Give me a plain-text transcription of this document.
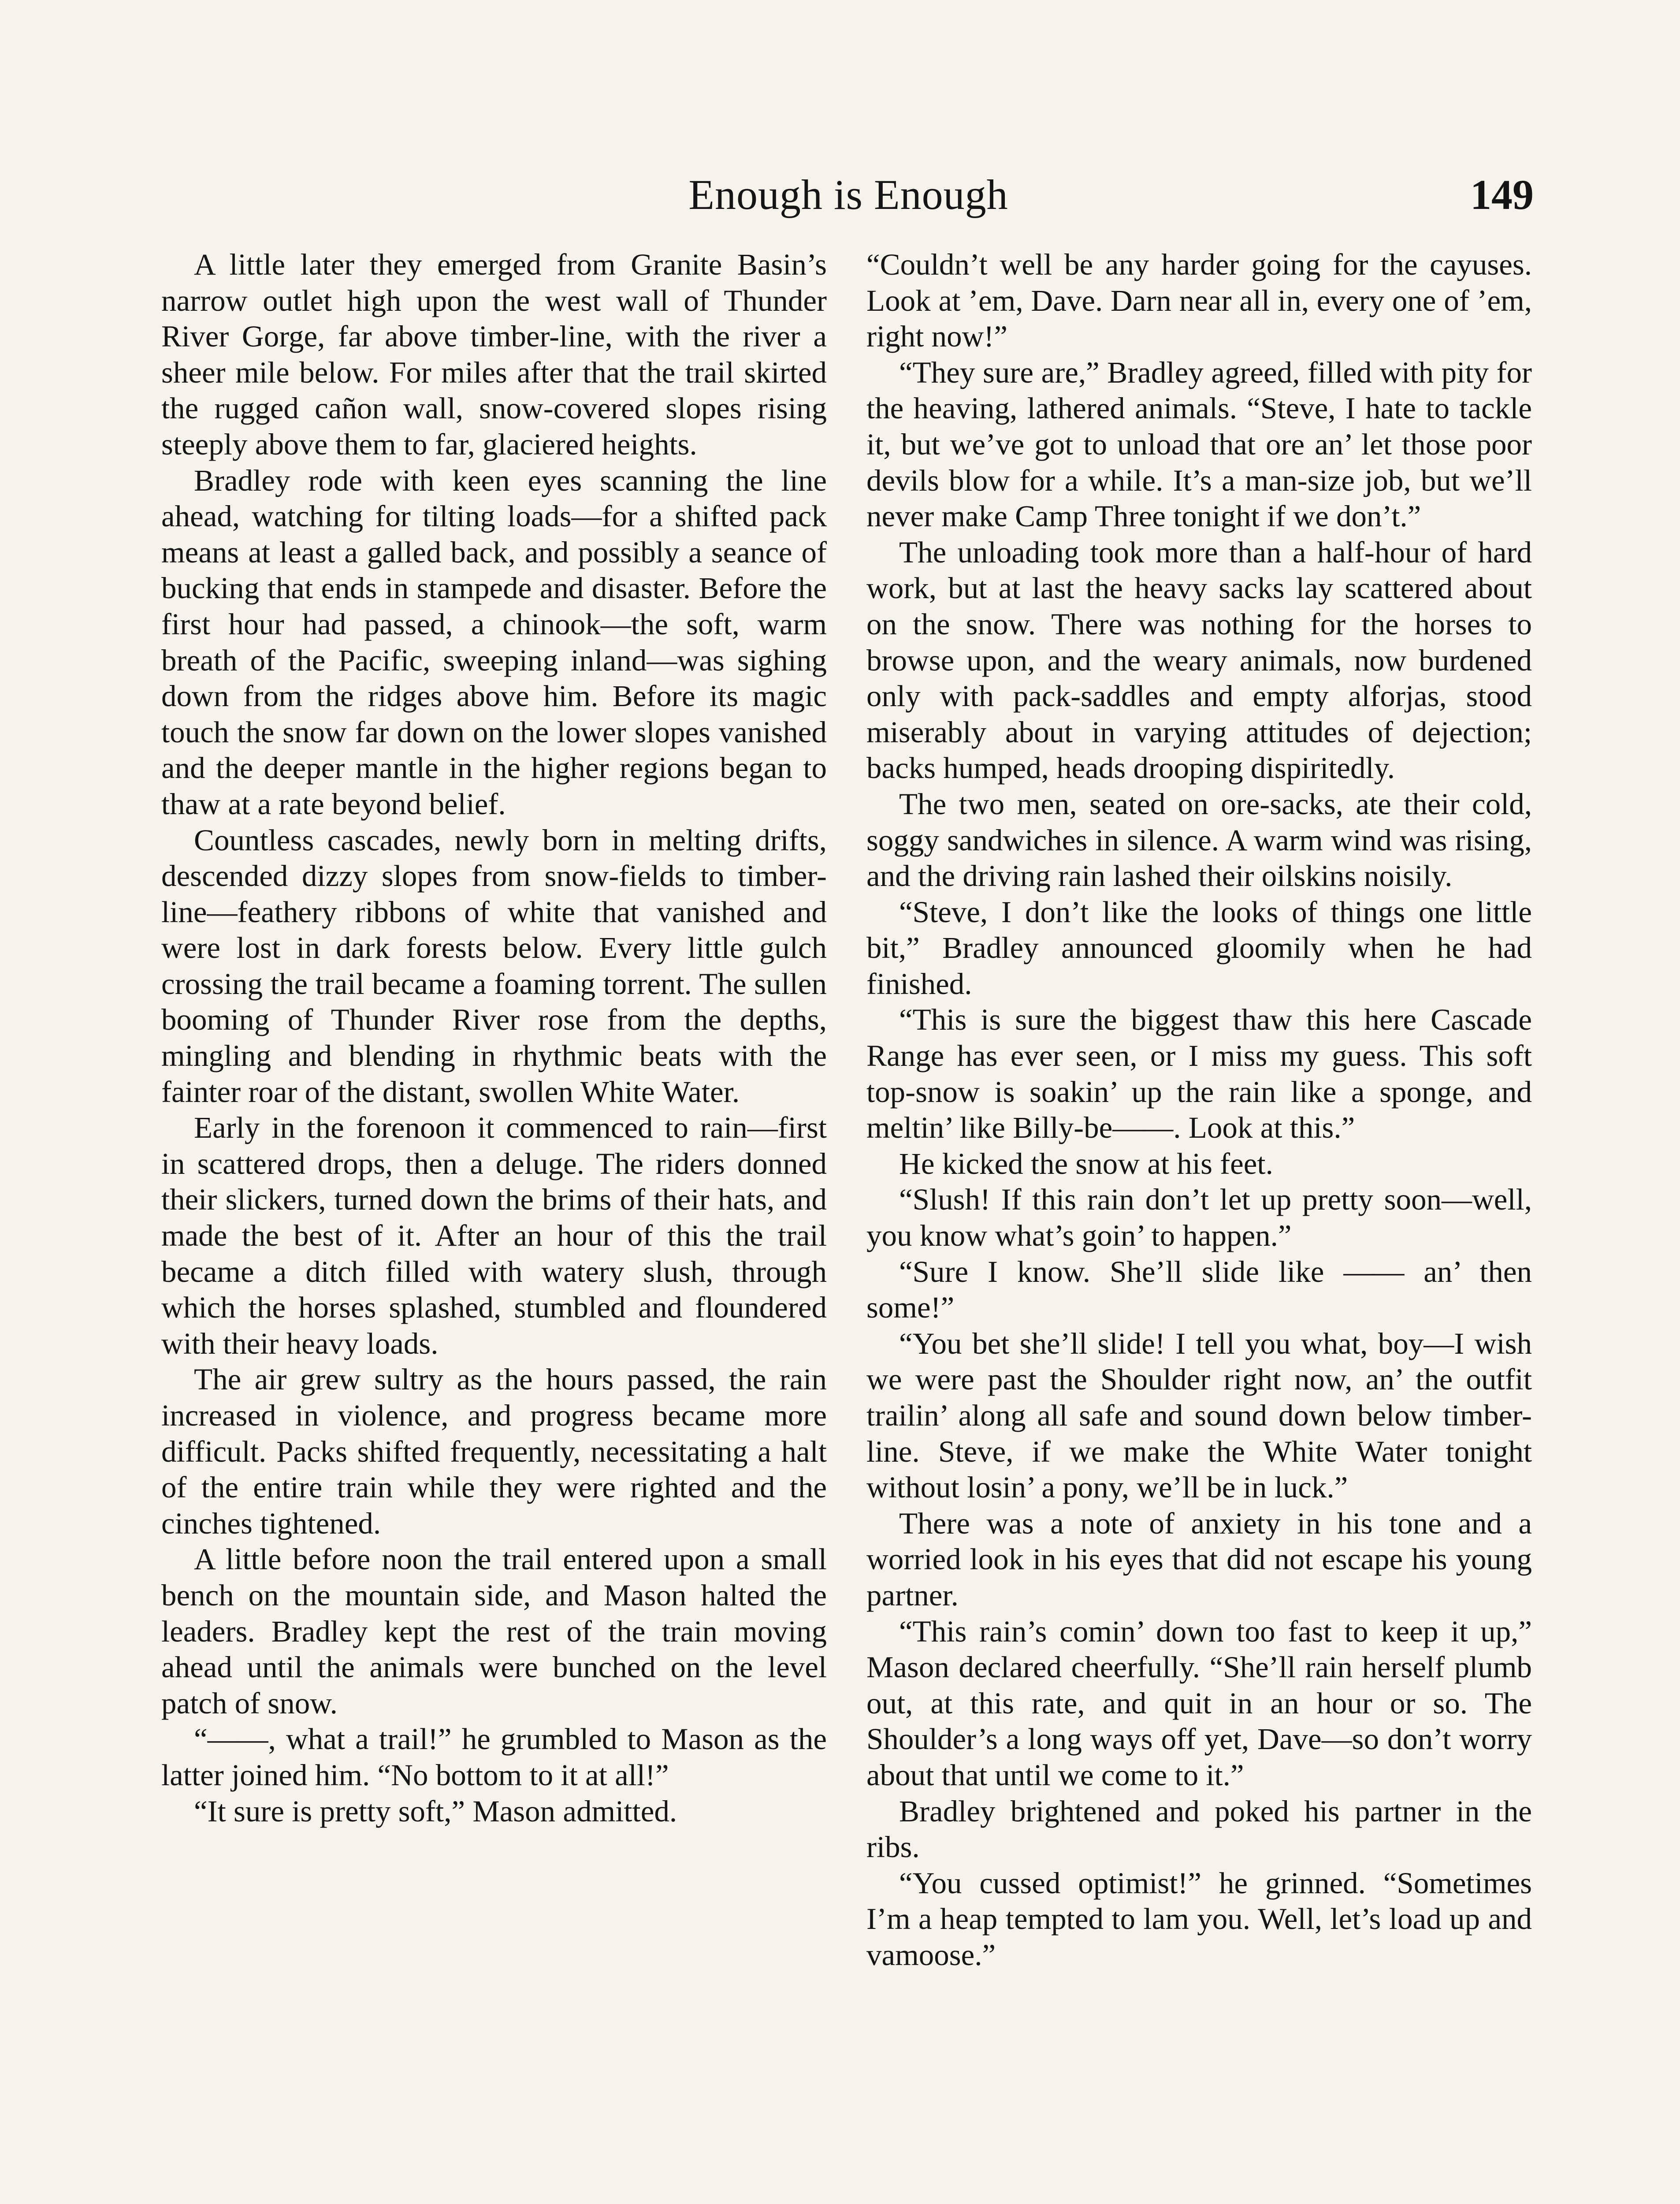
Enough is Enough	149

A little later they emerged from Granite Basin’s narrow outlet high upon the west wall of Thunder River Gorge, far above timber-line, with the river a sheer mile below. For miles after that the trail skirted the rugged cañon wall, snow-covered slopes rising steeply above them to far, glaciered heights.

Bradley rode with keen eyes scanning the line ahead, watching for tilting loads—for a shifted pack means at least a galled back, and possibly a seance of bucking that ends in stampede and disaster. Before the first hour had passed, a chinook—the soft, warm breath of the Pacific, sweeping inland—was sighing down from the ridges above him. Before its magic touch the snow far down on the lower slopes vanished and the deeper mantle in the higher regions began to thaw at a rate beyond belief.

Countless cascades, newly born in melting drifts, descended dizzy slopes from snow-fields to timber-line—feathery ribbons of white that vanished and were lost in dark forests below. Every little gulch crossing the trail became a foaming torrent. The sullen booming of Thunder River rose from the depths, mingling and blending in rhythmic beats with the fainter roar of the distant, swollen White Water.

Early in the forenoon it commenced to rain—first in scattered drops, then a deluge. The riders donned their slickers, turned down the brims of their hats, and made the best of it. After an hour of this the trail became a ditch filled with watery slush, through which the horses splashed, stumbled and floundered with their heavy loads.

The air grew sultry as the hours passed, the rain increased in violence, and progress became more difficult. Packs shifted frequently, necessitating a halt of the entire train while they were righted and the cinches tightened.

A little before noon the trail entered upon a small bench on the mountain side, and Mason halted the leaders. Bradley kept the rest of the train moving ahead until the animals were bunched on the level patch of snow.

“——, what a trail!” he grumbled to Mason as the latter joined him. “No bottom to it at all!”

“It sure is pretty soft,” Mason admitted.

“Couldn’t well be any harder going for the cayuses. Look at ’em, Dave. Darn near all in, every one of ’em, right now!”

“They sure are,” Bradley agreed, filled with pity for the heaving, lathered animals. “Steve, I hate to tackle it, but we’ve got to unload that ore an’ let those poor devils blow for a while. It’s a man-size job, but we’ll never make Camp Three tonight if we don’t.”

The unloading took more than a half-hour of hard work, but at last the heavy sacks lay scattered about on the snow. There was nothing for the horses to browse upon, and the weary animals, now burdened only with pack-saddles and empty alforjas, stood miserably about in varying attitudes of dejection; backs humped, heads drooping dispiritedly.

The two men, seated on ore-sacks, ate their cold, soggy sandwiches in silence. A warm wind was rising, and the driving rain lashed their oilskins noisily.

“Steve, I don’t like the looks of things one little bit,” Bradley announced gloomily when he had finished.

“This is sure the biggest thaw this here Cascade Range has ever seen, or I miss my guess. This soft top-snow is soakin’ up the rain like a sponge, and meltin’ like Billy-be——. Look at this.”

He kicked the snow at his feet.

“Slush! If this rain don’t let up pretty soon—well, you know what’s goin’ to happen.”

“Sure I know. She’ll slide like —— an’ then some!”

“You bet she’ll slide! I tell you what, boy—I wish we were past the Shoulder right now, an’ the outfit trailin’ along all safe and sound down below timber-line. Steve, if we make the White Water tonight without losin’ a pony, we’ll be in luck.”

There was a note of anxiety in his tone and a worried look in his eyes that did not escape his young partner.

“This rain’s comin’ down too fast to keep it up,” Mason declared cheerfully. “She’ll rain herself plumb out, at this rate, and quit in an hour or so. The Shoulder’s a long ways off yet, Dave—so don’t worry about that until we come to it.”

Bradley brightened and poked his partner in the ribs.

“You cussed optimist!” he grinned. “Sometimes I’m a heap tempted to lam you. Well, let’s load up and vamoose.”
